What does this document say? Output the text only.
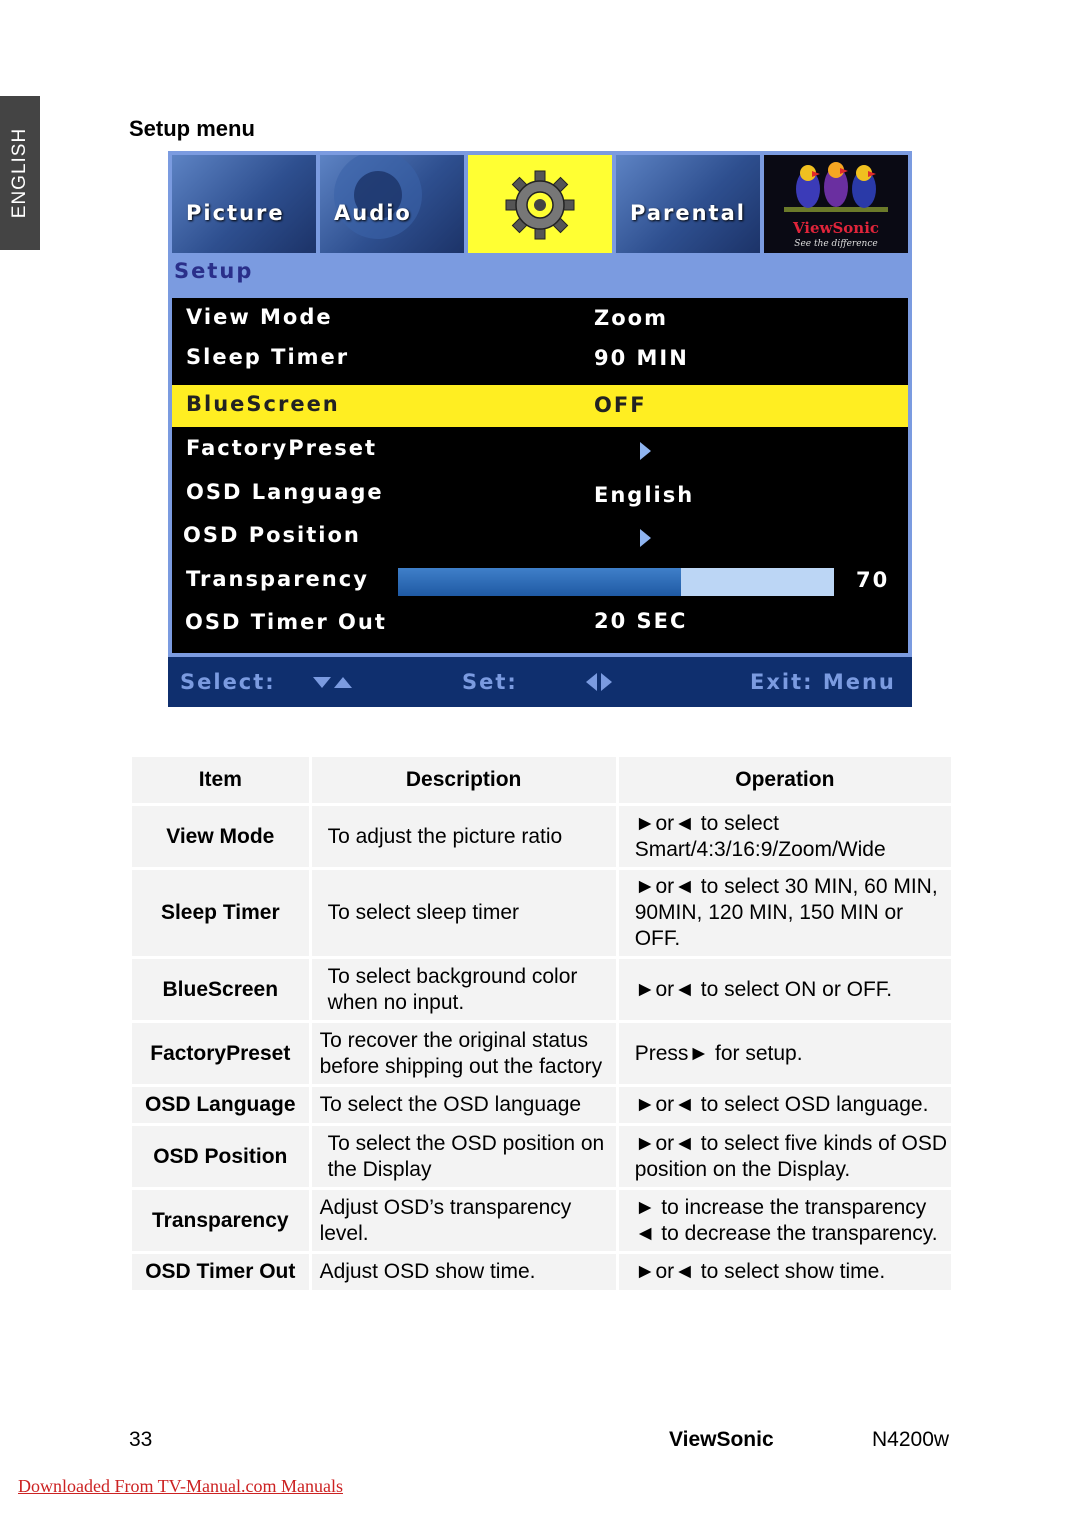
ENGLISH	Setup menu
Picture Audio	Parental
ViewSonic
See the difference
Setup
View Mode	Zoom
Sleep Timer	90 MIN
BlueScreen	OFF
FactoryPreset
OSD Language	English
OSD Position
Transparency	70
OSD Timer Out	20 SEC
Select:	Set:	Exit: Menu
Item	Description	Operation
View Mode	To adjust the picture ratio	►or◄ to select Smart/4:3/16:9/Zoom/Wide
Sleep Timer	To select sleep timer	►or◄ to select 30 MIN, 60 MIN, 90MIN, 120 MIN, 150 MIN or OFF.
BlueScreen	To select background color when no input.	►or◄ to select ON or OFF.
FactoryPreset	To recover the original status before shipping out the factory	Press► for setup.
OSD Language	To select the OSD language	►or◄ to select OSD language.
OSD Position	To select the OSD position on the Display	►or◄ to select five kinds of OSD position on the Display.
Transparency	Adjust OSD’s transparency level.	► to increase the transparency ◄ to decrease the transparency.
OSD Timer Out	Adjust OSD show time.	►or◄ to select show time.
33	ViewSonic	N4200w
Downloaded From TV-Manual.com Manuals
